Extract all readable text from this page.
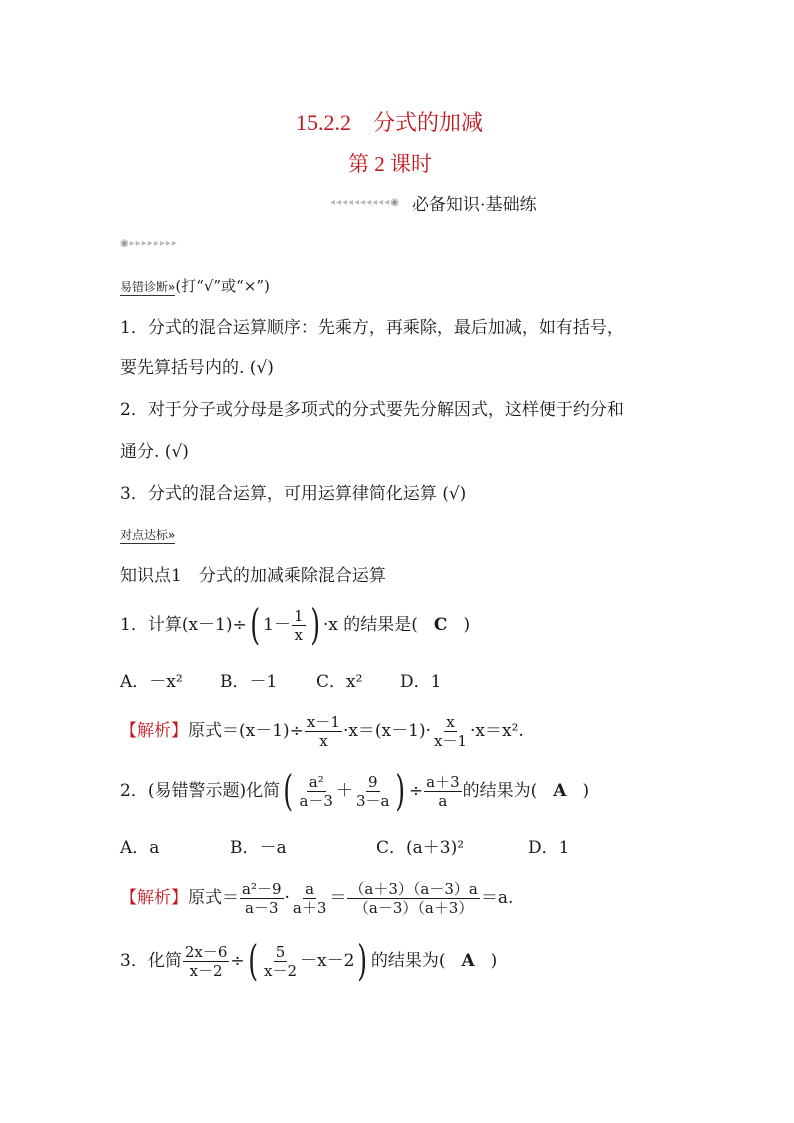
15.2.2　分式的加减
第 2 课时
◂◂◂◂◂◂◂◂◂◂ ◉ 必备知识·基础练
◉▸▸▸▸▸▸▸▸
易错诊断» (打“√”或“×”)
1．分式的混合运算顺序：先乘方，再乘除，最后加减，如有括号，
要先算括号内的. (√)
2．对于分子或分母是多项式的分式要先分解因式，这样便于约分和
通分. (√)
3．分式的混合运算，可用运算律简化运算 (√)
对点达标»
知识点1　分式的加减乘除混合运算
1．计算(x－1)÷ ( $1- \frac{1}{x}$ ) ·x 的结果是( C )
A．－x² B．－1 C．x² D．1
【解析】 原式$=(x-1)\div \frac{x-1}{x} \cdot x=(x-1)\cdot \frac{x}{x-1} \cdot x=x^2$.
2．(易错警示题)化简 ( $\frac{\text{a²}}{a-3} + \frac{9}{3-a}$ ) ÷ $\frac{a+3}{a}$ 的结果为( A )
A．a	B．－a	C．(a＋3)²	D．1
【解析】 原式＝ $\frac{\text{a²－9}}{a-3} \cdot \frac{a}{a+3} = \frac{(a+3)(a-3)a}{(a-3)(a+3)} =a$.
3．化简 $\frac{2x-6}{x-2}$ ÷ ( $\frac{5}{x-2} -x-2$ ) 的结果为( A )
